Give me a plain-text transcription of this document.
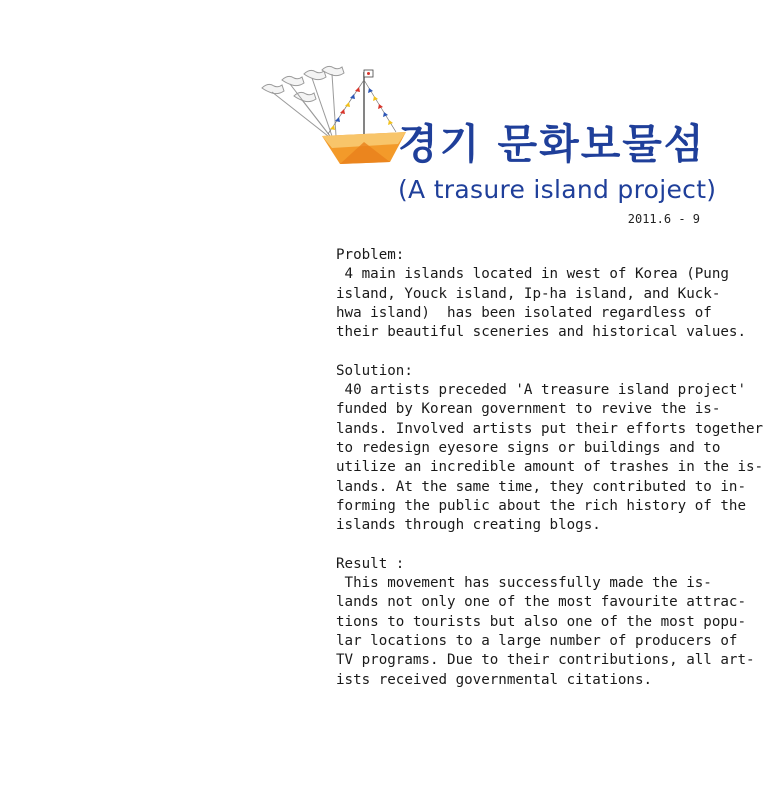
경기 문화보물섬
(A trasure island project)
2011.6 - 9
Problem:
4 main islands located in west of Korea (Pung
island, Youck island, Ip-ha island, and Kuck-
hwa island)  has been isolated regardless of
their beautiful sceneries and historical values.
Solution:
40 artists preceded 'A treasure island project'
funded by Korean government to revive the is-
lands. Involved artists put their efforts together
to redesign eyesore signs or buildings and to
utilize an incredible amount of trashes in the is-
lands. At the same time, they contributed to in-
forming the public about the rich history of the
islands through creating blogs.
Result :
This movement has successfully made the is-
lands not only one of the most favourite attrac-
tions to tourists but also one of the most popu-
lar locations to a large number of producers of
TV programs. Due to their contributions, all art-
ists received governmental citations.
